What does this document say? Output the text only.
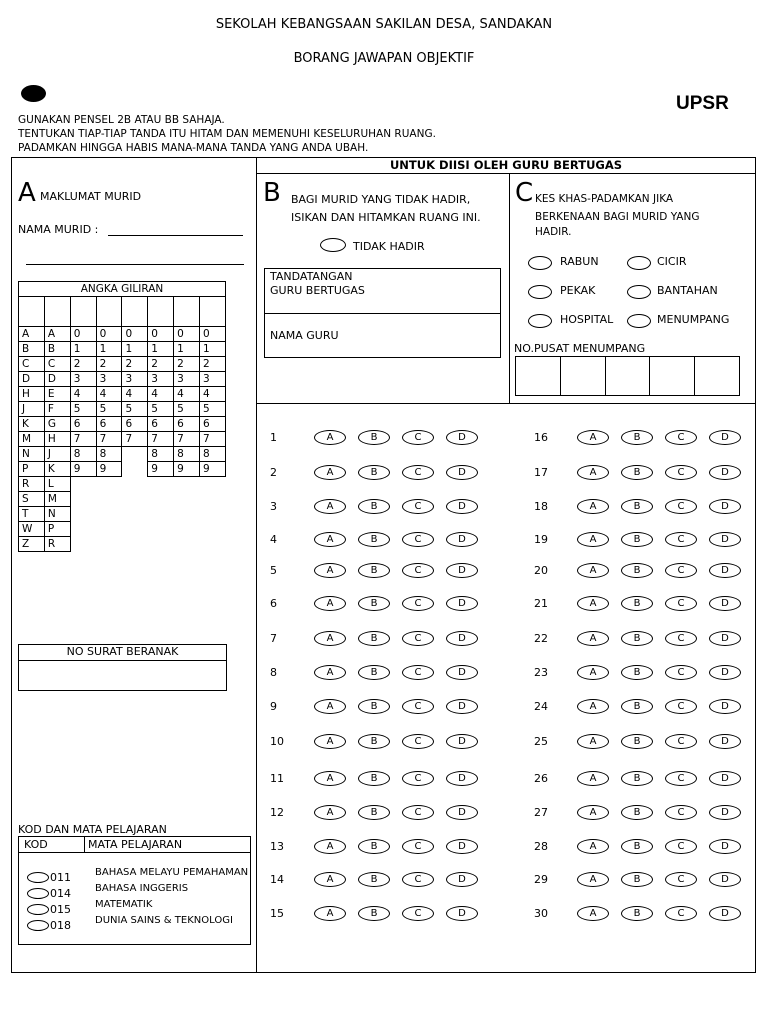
SEKOLAH KEBANGSAAN SAKILAN DESA, SANDAKAN
BORANG JAWAPAN OBJEKTIF
UPSR
GUNAKAN PENSEL 2B ATAU BB SAHAJA.
TENTUKAN TIAP-TIAP TANDA ITU HITAM DAN MEMENUHI KESELURUHAN RUANG.
PADAMKAN HINGGA HABIS MANA-MANA TANDA YANG ANDA UBAH.
UNTUK DIISI OLEH GURU BERTUGAS
A MAKLUMAT MURID
NAMA MURID :
ANGKA GILIRAN							

A	A	0	0	0	0	0	0
B	B	1	1	1	1	1	1
C	C	2	2	2	2	2	2
D	D	3	3	3	3	3	3
H	E	4	4	4	4	4	4
J	F	5	5	5	5	5	5
K	G	6	6	6	6	6	6
M	H	7	7	7	7	7	7
N	J	8	8		8	8	8
P	K	9	9		9	9	9
R	L						
S	M						
T	N						
W	P						
Z	R						
NO SURAT BERANAK
KOD DAN MATA PELAJARAN
KOD	MATA PELAJARAN
011 BAHASA MELAYU PEMAHAMAN
014 BAHASA INGGERIS
015 MATEMATIK
018 DUNIA SAINS & TEKNOLOGI
B BAGI MURID YANG TIDAK HADIR,
ISIKAN DAN HITAMKAN RUANG INI.
TIDAK HADIR
TANDATANGAN
GURU BERTUGAS
NAMA GURU
C KES KHAS-PADAMKAN JIKA
BERKENAAN BAGI MURID YANG
HADIR.
RABUN	CICIR
PEKAK	BANTAHAN
HOSPITAL	MENUMPANG
NO.PUSAT MENUMPANG
1	A	B	C	D	16	A	B	C	D
2	A	B	C	D	17	A	B	C	D
3	A	B	C	D	18	A	B	C	D
4	A	B	C	D	19	A	B	C	D
5	A	B	C	D	20	A	B	C	D
6	A	B	C	D	21	A	B	C	D
7	A	B	C	D	22	A	B	C	D
8	A	B	C	D	23	A	B	C	D
9	A	B	C	D	24	A	B	C	D
10	A	B	C	D	25	A	B	C	D
11	A	B	C	D	26	A	B	C	D
12	A	B	C	D	27	A	B	C	D
13	A	B	C	D	28	A	B	C	D
14	A	B	C	D	29	A	B	C	D
15	A	B	C	D	30	A	B	C	D
